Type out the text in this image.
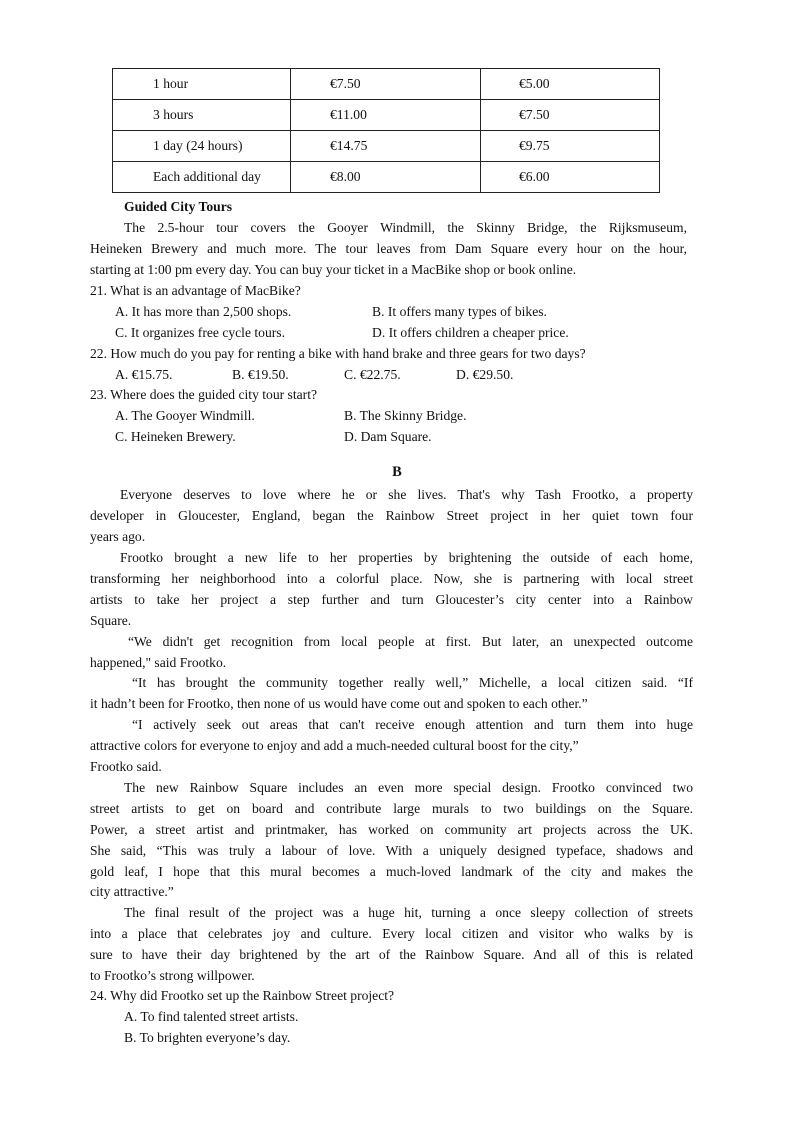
1 hour	€7.50	€5.00
3 hours	€11.00	€7.50
1 day (24 hours)	€14.75	€9.75
Each additional day	€8.00	€6.00
Guided City Tours
The 2.5-hour tour covers the Gooyer Windmill, the Skinny Bridge, the Rijksmuseum,
Heineken Brewery and much more. The tour leaves from Dam Square every hour on the hour,
starting at 1:00 pm every day. You can buy your ticket in a MacBike shop or book online.
21. What is an advantage of MacBike?
A. It has more than 2,500 shops.	B. It offers many types of bikes.
C. It organizes free cycle tours.	D. It offers children a cheaper price.
22. How much do you pay for renting a bike with hand brake and three gears for two days?
A. €15.75.	B. €19.50.	C. €22.75.	D. €29.50.
23. Where does the guided city tour start?
A. The Gooyer Windmill.	B. The Skinny Bridge.
C. Heineken Brewery.	D. Dam Square.
B
Everyone deserves to love where he or she lives. That's why Tash Frootko, a property
developer in Gloucester, England, began the Rainbow Street project in her quiet town four
years ago.
Frootko brought a new life to her properties by brightening the outside of each home,
transforming her neighborhood into a colorful place. Now, she is partnering with local street
artists to take her project a step further and turn Gloucester’s city center into a Rainbow
Square.
“We didn't get recognition from local people at first. But later, an unexpected outcome
happened," said Frootko.
“It has brought the community together really well,” Michelle, a local citizen said. “If
it hadn’t been for Frootko, then none of us would have come out and spoken to each other.”
“I actively seek out areas that can't receive enough attention and turn them into huge
attractive colors for everyone to enjoy and add a much-needed cultural boost for the city,”
Frootko said.
The new Rainbow Square includes an even more special design. Frootko convinced two
street artists to get on board and contribute large murals to two buildings on the Square.
Power, a street artist and printmaker, has worked on community art projects across the UK.
She said, “This was truly a labour of love. With a uniquely designed typeface, shadows and
gold leaf, I hope that this mural becomes a much-loved landmark of the city and makes the
city attractive.”
The final result of the project was a huge hit, turning a once sleepy collection of streets
into a place that celebrates joy and culture. Every local citizen and visitor who walks by is
sure to have their day brightened by the art of the Rainbow Square. And all of this is related
to Frootko’s strong willpower.
24. Why did Frootko set up the Rainbow Street project?
A. To find talented street artists.
B. To brighten everyone’s day.
